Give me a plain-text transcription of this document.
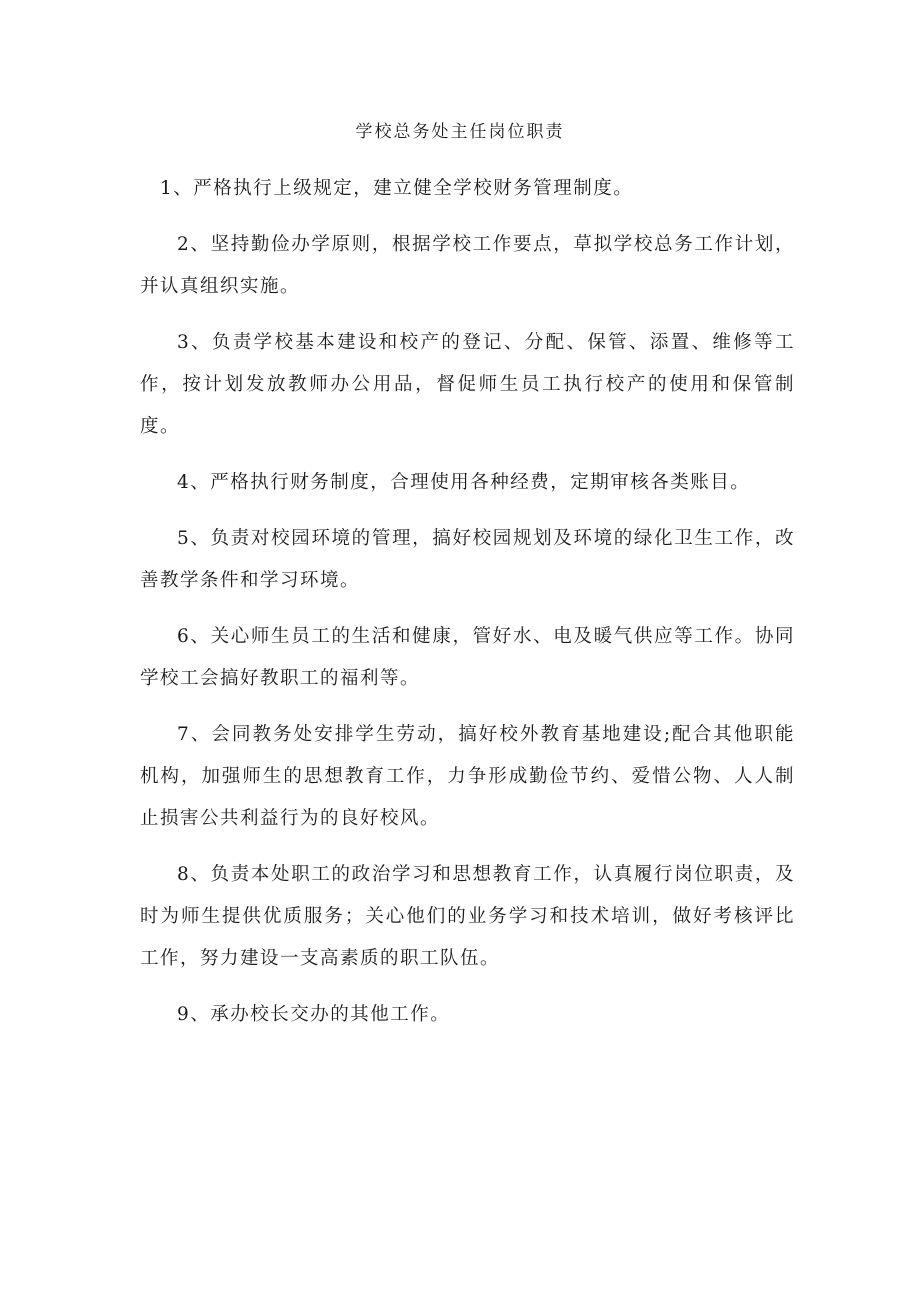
学校总务处主任岗位职责

1、严格执行上级规定，建立健全学校财务管理制度。

2、坚持勤俭办学原则，根据学校工作要点，草拟学校总务工作计划，并认真组织实施。

3、负责学校基本建设和校产的登记、分配、保管、添置、维修等工作，按计划发放教师办公用品，督促师生员工执行校产的使用和保管制度。

4、严格执行财务制度，合理使用各种经费，定期审核各类账目。

5、负责对校园环境的管理，搞好校园规划及环境的绿化卫生工作，改善教学条件和学习环境。

6、关心师生员工的生活和健康，管好水、电及暖气供应等工作。协同学校工会搞好教职工的福利等。

7、会同教务处安排学生劳动，搞好校外教育基地建设;配合其他职能机构，加强师生的思想教育工作，力争形成勤俭节约、爱惜公物、人人制止损害公共利益行为的良好校风。

8、负责本处职工的政治学习和思想教育工作，认真履行岗位职责，及时为师生提供优质服务；关心他们的业务学习和技术培训，做好考核评比工作，努力建设一支高素质的职工队伍。

9、承办校长交办的其他工作。
